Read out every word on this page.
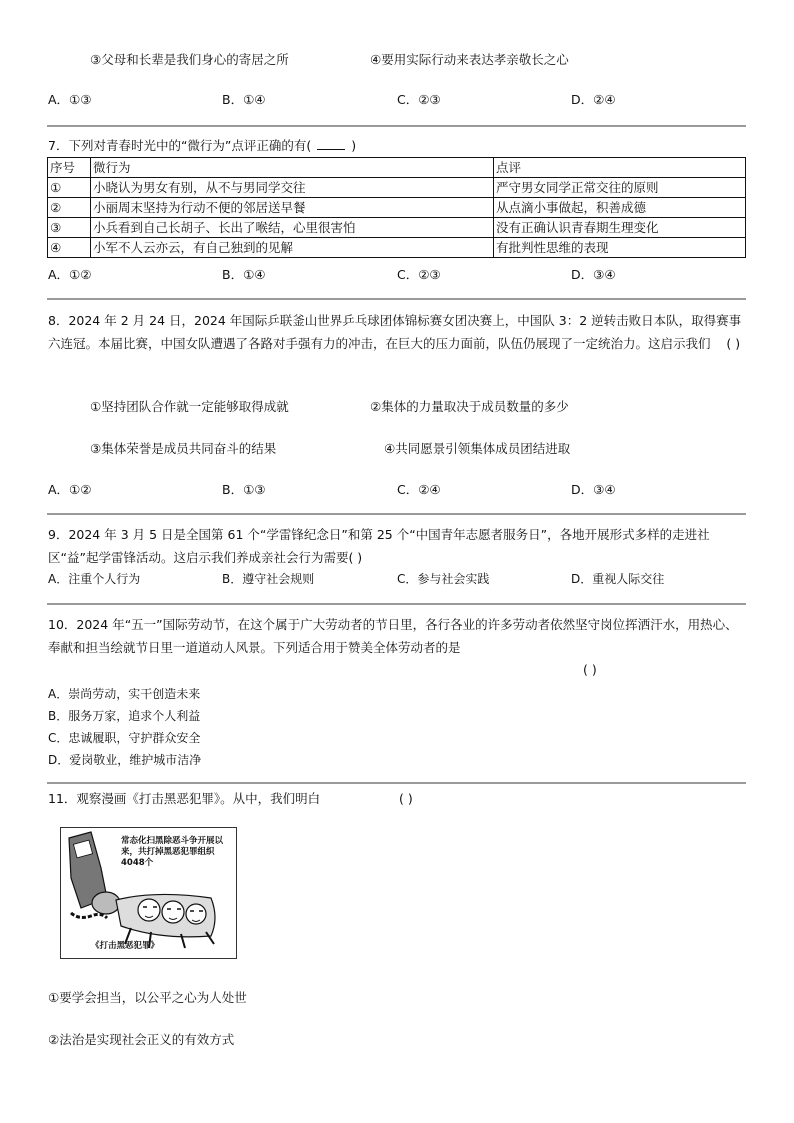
③父母和长辈是我们身心的寄居之所	④要用实际行动来表达孝亲敬长之心
A．①③	B．①④	C．②③	D．②④
7．下列对青春时光中的“微行为”点评正确的有(	)
序号	微行为	点评
①	小晓认为男女有别，从不与男同学交往	严守男女同学正常交往的原则
②	小丽周末坚持为行动不便的邻居送早餐	从点滴小事做起，积善成德
③	小兵看到自己长胡子、长出了喉结，心里很害怕	没有正确认识青春期生理变化
④	小军不人云亦云，有自己独到的见解	有批判性思维的表现
A．①②	B．①④	C．②③	D．③④
8．2024 年 2 月 24 日，2024 年国际乒联釜山世界乒乓球团体锦标赛女团决赛上，中国队 3：2 逆转击败日本队，取得赛事六连冠。本届比赛，中国女队遭遇了各路对手强有力的冲击，在巨大的压力面前，队伍仍展现了一定统治力。这启示我们 ( )
①坚持团队合作就一定能够取得成就	②集体的力量取决于成员数量的多少
③集体荣誉是成员共同奋斗的结果	④共同愿景引领集体成员团结进取
A．①②	B．①③	C．②④	D．③④
9．2024 年 3 月 5 日是全国第 61 个“学雷锋纪念日”和第 25 个“中国青年志愿者服务日”，各地开展形式多样的走进社区“益”起学雷锋活动。这启示我们养成亲社会行为需要( )
A．注重个人行为	B．遵守社会规则	C．参与社会实践	D．重视人际交往
10．2024 年“五一”国际劳动节，在这个属于广大劳动者的节日里，各行各业的许多劳动者依然坚守岗位挥洒汗水，用热心、奉献和担当绘就节日里一道道动人风景。下列适合用于赞美全体劳动者的是
( )
A．崇尚劳动，实干创造未来
B．服务万家，追求个人利益
C．忠诚履职，守护群众安全
D．爱岗敬业，维护城市洁净
11．观察漫画《打击黑恶犯罪》。从中，我们明白	( )
常态化扫黑除恶斗争开展以来，共打掉黑恶犯罪组织4048个
《打击黑恶犯罪》
①要学会担当，以公平之心为人处世
②法治是实现社会正义的有效方式
